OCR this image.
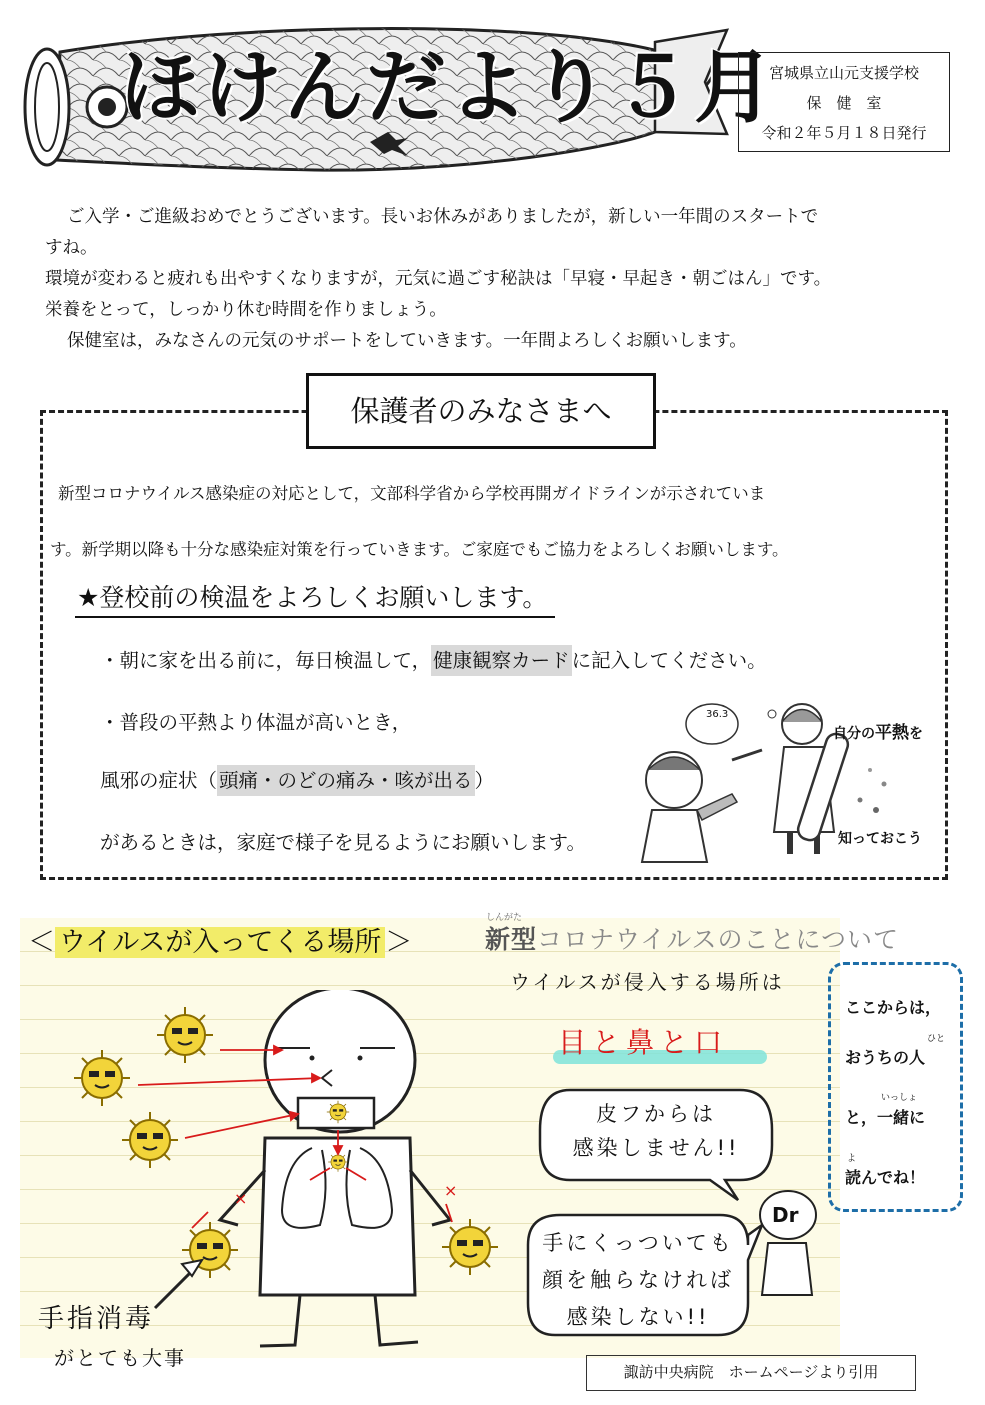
ほけんだより５月
宮城県立山元支援学校
保　健　室
令和２年５月１８日発行

ご入学・ご進級おめでとうございます。長いお休みがありましたが，新しい一年間のスタートで

すね。

環境が変わると疲れも出やすくなりますが，元気に過ごす秘訣は「早寝・早起き・朝ごはん」です。

栄養をとって，しっかり休む時間を作りましょう。

保健室は，みなさんの元気のサポートをしていきます。一年間よろしくお願いします。

保護者のみなさまへ

新型コロナウイルス感染症の対応として，文部科学省から学校再開ガイドラインが示されていま

す。新学期以降も十分な感染症対策を行っていきます。ご家庭でもご協力をよろしくお願いします。

★登校前の検温をよろしくお願いします。
・朝に家を出る前に，毎日検温して， 健康観察カード に記入してください。
・普段の平熱より体温が高いとき，
風邪の症状（ 頭痛・のどの痛み・咳が出る ）
があるときは，家庭で様子を見るようにお願いします。
36.3
自分の平熱を
知っておこう
＜ ウイルスが入ってくる場所 ＞
しんがた
新型コロナウイルスのことについて
ウイルスが侵入する場所は
目と鼻と口
×	×
手指消毒
がとても大事
皮フからは
感染しません!!
手にくっついても
顔を触らなければ
感染しない!!
Dr
ここからは，
ひと
おうちの人
いっしょ
と，一緒に
よ
読んでね！
諏訪中央病院　ホームページより引用
